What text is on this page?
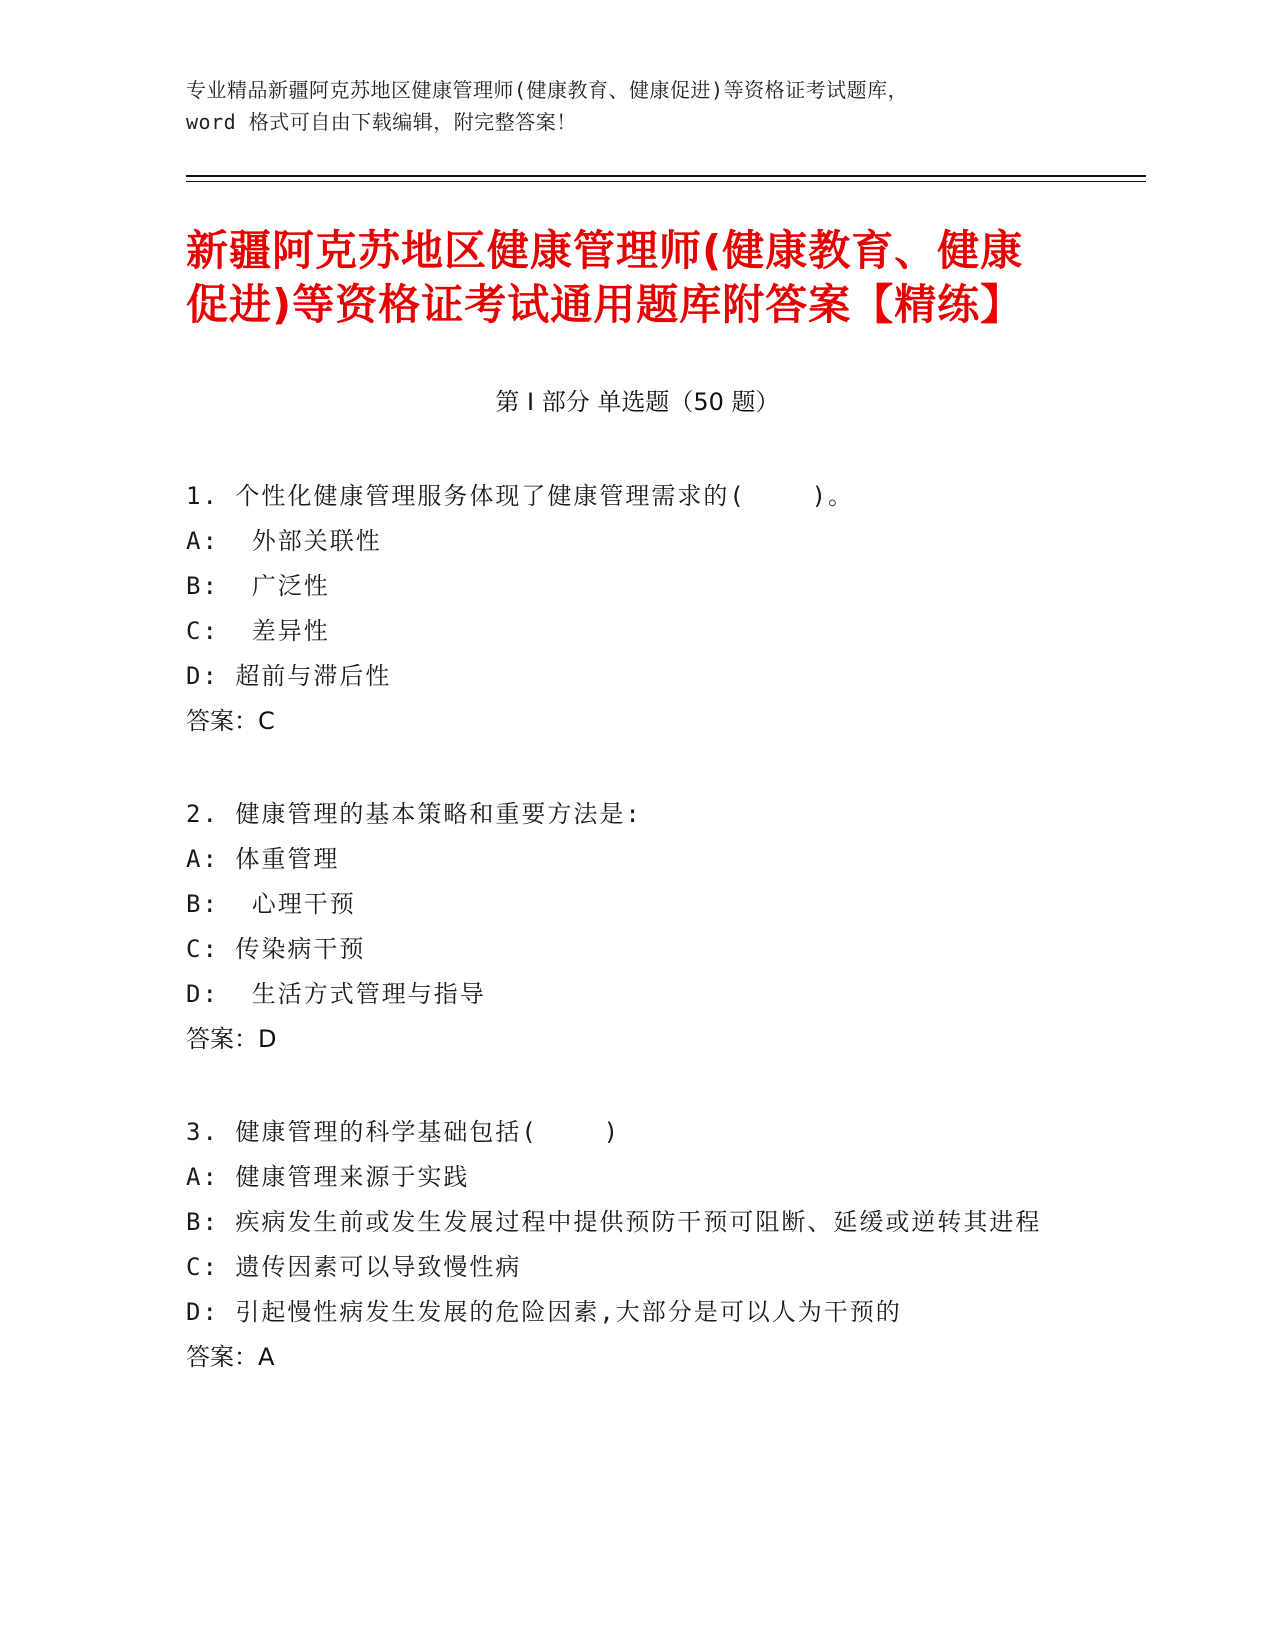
专业精品新疆阿克苏地区健康管理师(健康教育、健康促进)等资格证考试题库，
word 格式可自由下载编辑，附完整答案！
新疆阿克苏地区健康管理师(健康教育、健康
促进)等资格证考试通用题库附答案【精练】
第 I 部分 单选题（50 题）
1. 个性化健康管理服务体现了健康管理需求的(    )。
A:  外部关联性
B:  广泛性
C:  差异性
D: 超前与滞后性
答案：C
2. 健康管理的基本策略和重要方法是:
A: 体重管理
B:  心理干预
C: 传染病干预
D:  生活方式管理与指导
答案：D
3. 健康管理的科学基础包括(    )
A: 健康管理来源于实践
B: 疾病发生前或发生发展过程中提供预防干预可阻断、延缓或逆转其进程
C: 遗传因素可以导致慢性病
D: 引起慢性病发生发展的危险因素,大部分是可以人为干预的
答案：A
